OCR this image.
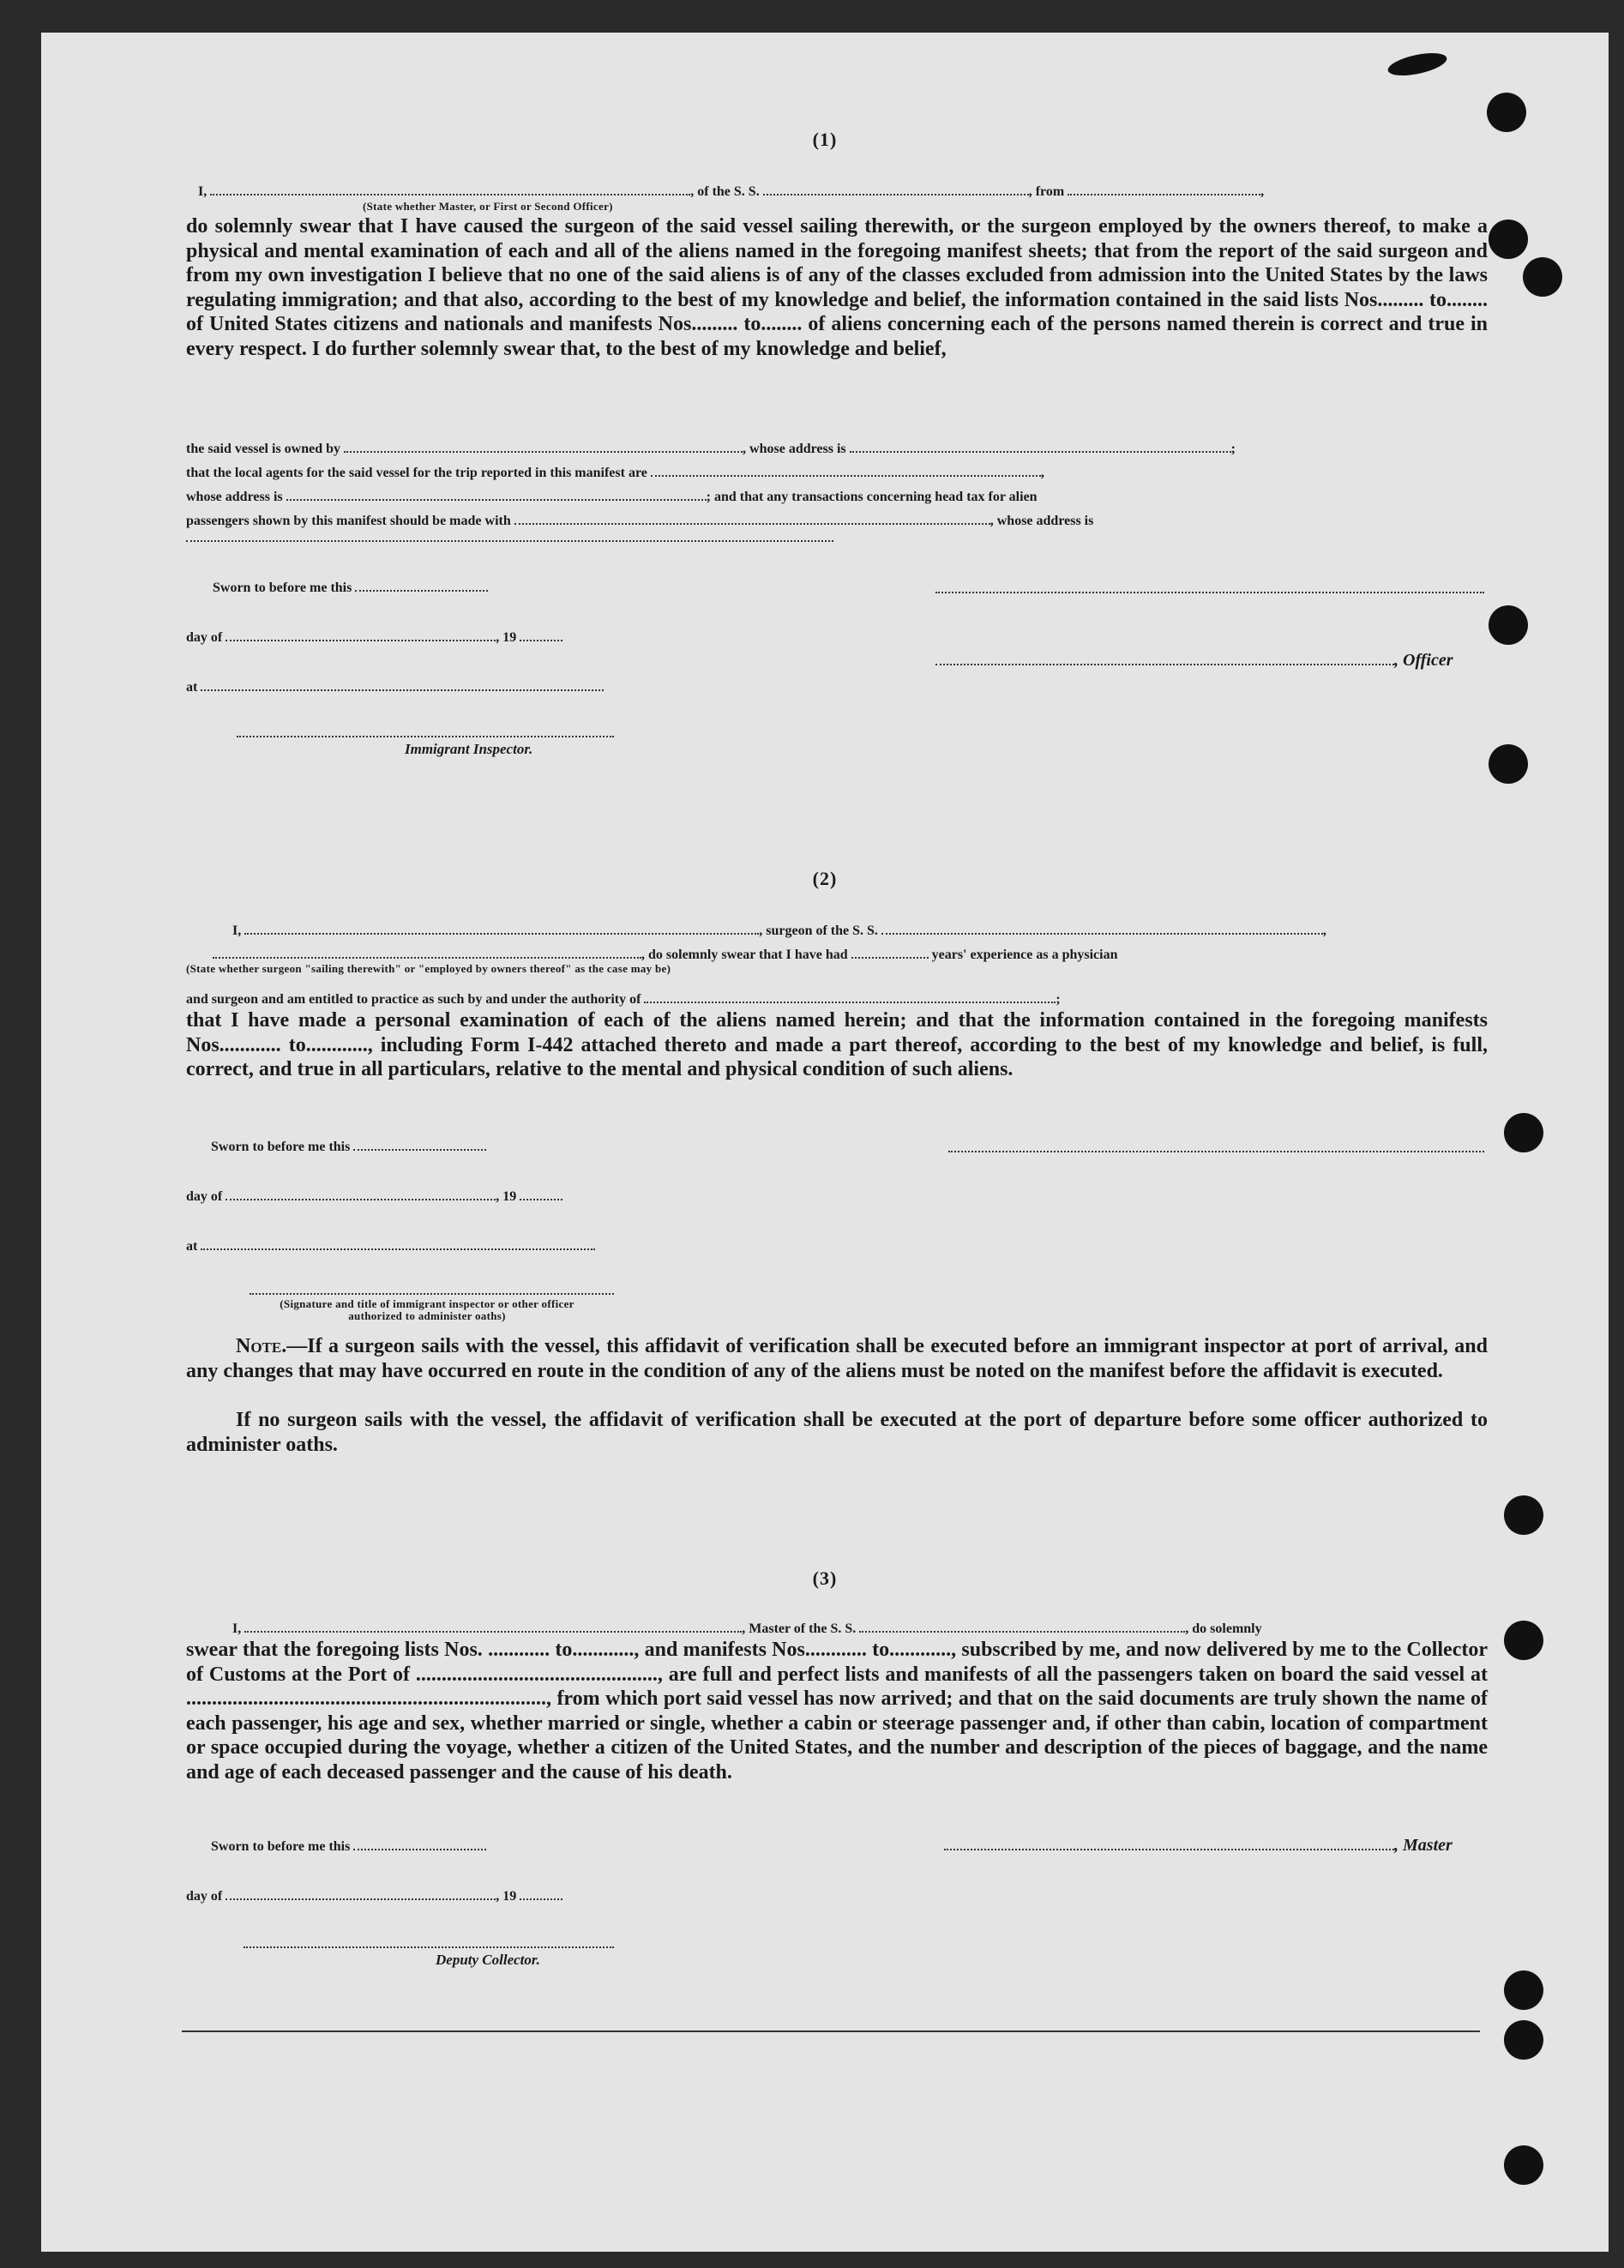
(1)
I,	, of the S. S.	, from	,
(State whether Master, or First or Second Officer)
do solemnly swear that I have caused the surgeon of the said vessel sailing therewith, or the surgeon employed by the owners thereof, to make a physical and mental examination of each and all of the aliens named in the foregoing manifest sheets; that from the report of the said surgeon and from my own investigation I believe that no one of the said aliens is of any of the classes excluded from admission into the United States by the laws regulating immigration; and that also, according to the best of my knowledge and belief, the information contained in the said lists Nos......... to........ of United States citizens and nationals and manifests Nos......... to........ of aliens concerning each of the persons named therein is correct and true in every respect. I do further solemnly swear that, to the best of my knowledge and belief,
the said vessel is owned by	, whose address is	;
that the local agents for the said vessel for the trip reported in this manifest are	,
whose address is	; and that any transactions concerning head tax for alien
passengers shown by this manifest should be made with	, whose address is
Sworn to before me this
day of	, 19
, Officer
at
Immigrant Inspector.
(2)
I,	, surgeon of the S. S.	,
, do solemnly swear that I have had	years' experience as a physician
(State whether surgeon "sailing therewith" or "employed by owners thereof" as the case may be)
and surgeon and am entitled to practice as such by and under the authority of	;
that I have made a personal examination of each of the aliens named herein; and that the information contained in the foregoing manifests Nos............ to............, including Form I-442 attached thereto and made a part thereof, according to the best of my knowledge and belief, is full, correct, and true in all particulars, relative to the mental and physical condition of such aliens.
Sworn to before me this
day of	, 19
at
(Signature and title of immigrant inspector or other officer authorized to administer oaths)
Note.—If a surgeon sails with the vessel, this affidavit of verification shall be executed before an immigrant inspector at port of arrival, and any changes that may have occurred en route in the condition of any of the aliens must be noted on the manifest before the affidavit is executed.
If no surgeon sails with the vessel, the affidavit of verification shall be executed at the port of departure before some officer authorized to administer oaths.
(3)
I,	, Master of the S. S.	, do solemnly
swear that the foregoing lists Nos. ............ to............, and manifests Nos............ to............, subscribed by me, and now delivered by me to the Collector of Customs at the Port of ..............................................., are full and perfect lists and manifests of all the passengers taken on board the said vessel at ......................................................................, from which port said vessel has now arrived; and that on the said documents are truly shown the name of each passenger, his age and sex, whether married or single, whether a cabin or steerage passenger and, if other than cabin, location of compartment or space occupied during the voyage, whether a citizen of the United States, and the number and description of the pieces of baggage, and the name and age of each deceased passenger and the cause of his death.
Sworn to before me this	, Master
day of	, 19
Deputy Collector.
